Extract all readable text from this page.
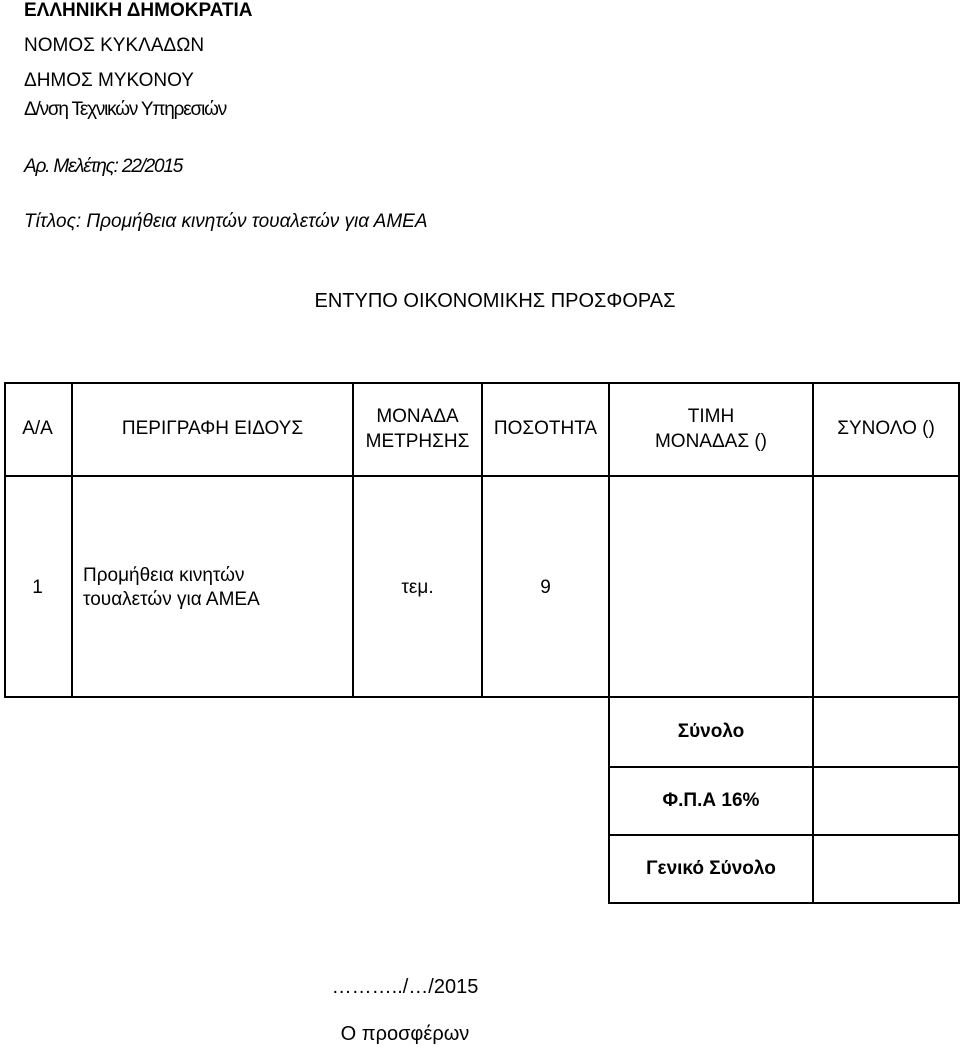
ΕΛΛΗΝΙΚΗ ΔΗΜΟΚΡΑΤΙΑ
ΝΟΜΟΣ ΚΥΚΛΑΔΩΝ
ΔΗΜΟΣ ΜΥΚΟΝΟΥ
Δ/νση Τεχνικών Υπηρεσιών
Αρ. Μελέτης: 22/2015
Τίτλος: Προμήθεια κινητών τουαλετών για ΑΜΕΑ
ΕΝΤΥΠΟ ΟΙΚΟΝΟΜΙΚΗΣ ΠΡΟΣΦΟΡΑΣ
Α/Α	ΠΕΡΙΓΡΑΦΗ ΕΙΔΟΥΣ
ΜΟΝΑΔΑ
ΜΕΤΡΗΣΗΣ
ΠΟΣΟΤΗΤΑ
ΤΙΜΗ
ΜΟΝΑΔΑΣ ()
ΣΥΝΟΛΟ ()
1
Προμήθεια κινητών
τουαλετών για ΑΜΕΑ
τεμ.	9
Σύνολο
Φ.Π.Α 16%
Γενικό Σύνολο
………../…/2015
Ο προσφέρων
